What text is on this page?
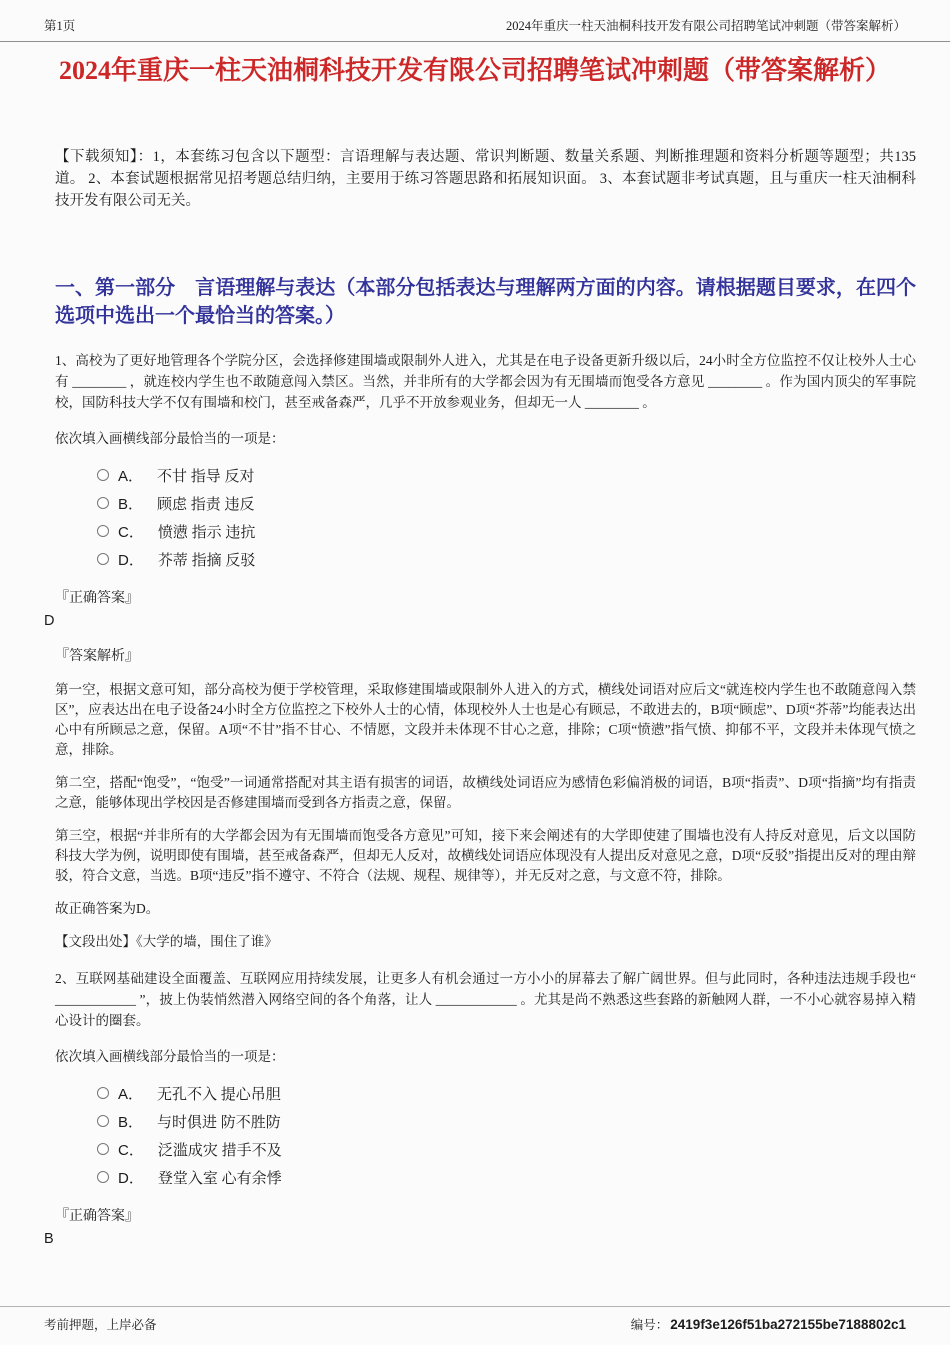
第1页	2024年重庆一柱天油桐科技开发有限公司招聘笔试冲刺题（带答案解析）
2024年重庆一柱天油桐科技开发有限公司招聘笔试冲刺题（带答案解析）

【下载须知】：1，本套练习包含以下题型：言语理解与表达题、常识判断题、数量关系题、判断推理题和资料分析题等题型；共135道。 2、本套试题根据常见招考题总结归纳，主要用于练习答题思路和拓展知识面。 3、本套试题非考试真题，且与重庆一柱天油桐科技开发有限公司无关。

一、第一部分　言语理解与表达（本部分包括表达与理解两方面的内容。请根据题目要求，在四个选项中选出一个最恰当的答案。）

1、高校为了更好地管理各个学院分区，会选择修建围墙或限制外人进入，尤其是在电子设备更新升级以后，24小时全方位监控不仅让校外人士心有 ________ ，就连校内学生也不敢随意闯入禁区。当然，并非所有的大学都会因为有无围墙而饱受各方意见 ________ 。作为国内顶尖的军事院校，国防科技大学不仅有围墙和校门，甚至戒备森严，几乎不开放参观业务，但却无一人 ________ 。

依次填入画横线部分最恰当的一项是：

A． 不甘 指导 反对
B． 顾虑 指责 违反
C． 愤懑 指示 违抗
D． 芥蒂 指摘 反驳

『正确答案』

D

『答案解析』

第一空，根据文意可知，部分高校为便于学校管理，采取修建围墙或限制外人进入的方式，横线处词语对应后文“就连校内学生也不敢随意闯入禁区”，应表达出在电子设备24小时全方位监控之下校外人士的心情，体现校外人士也是心有顾忌，不敢进去的，B项“顾虑”、D项“芥蒂”均能表达出心中有所顾忌之意，保留。A项“不甘”指不甘心、不情愿，文段并未体现不甘心之意，排除；C项“愤懑”指气愤、抑郁不平，文段并未体现气愤之意，排除。

第二空，搭配“饱受”，“饱受”一词通常搭配对其主语有损害的词语，故横线处词语应为感情色彩偏消极的词语，B项“指责”、D项“指摘”均有指责之意，能够体现出学校因是否修建围墙而受到各方指责之意，保留。

第三空，根据“并非所有的大学都会因为有无围墙而饱受各方意见”可知，接下来会阐述有的大学即使建了围墙也没有人持反对意见，后文以国防科技大学为例，说明即使有围墙，甚至戒备森严，但却无人反对，故横线处词语应体现没有人提出反对意见之意，D项“反驳”指提出反对的理由辩驳，符合文意，当选。B项“违反”指不遵守、不符合（法规、规程、规律等），并无反对之意，与文意不符，排除。

故正确答案为D。

【文段出处】《大学的墙，围住了谁》

2、互联网基础建设全面覆盖、互联网应用持续发展，让更多人有机会通过一方小小的屏幕去了解广阔世界。但与此同时，各种违法违规手段也“ ____________ ”，披上伪装悄然潜入网络空间的各个角落，让人 ____________ 。尤其是尚不熟悉这些套路的新触网人群，一不小心就容易掉入精心设计的圈套。

依次填入画横线部分最恰当的一项是：

A． 无孔不入 提心吊胆
B． 与时俱进 防不胜防
C． 泛滥成灾 措手不及
D． 登堂入室 心有余悸

『正确答案』

B

考前押题，上岸必备	编号： 2419f3e126f51ba272155be7188802c1
